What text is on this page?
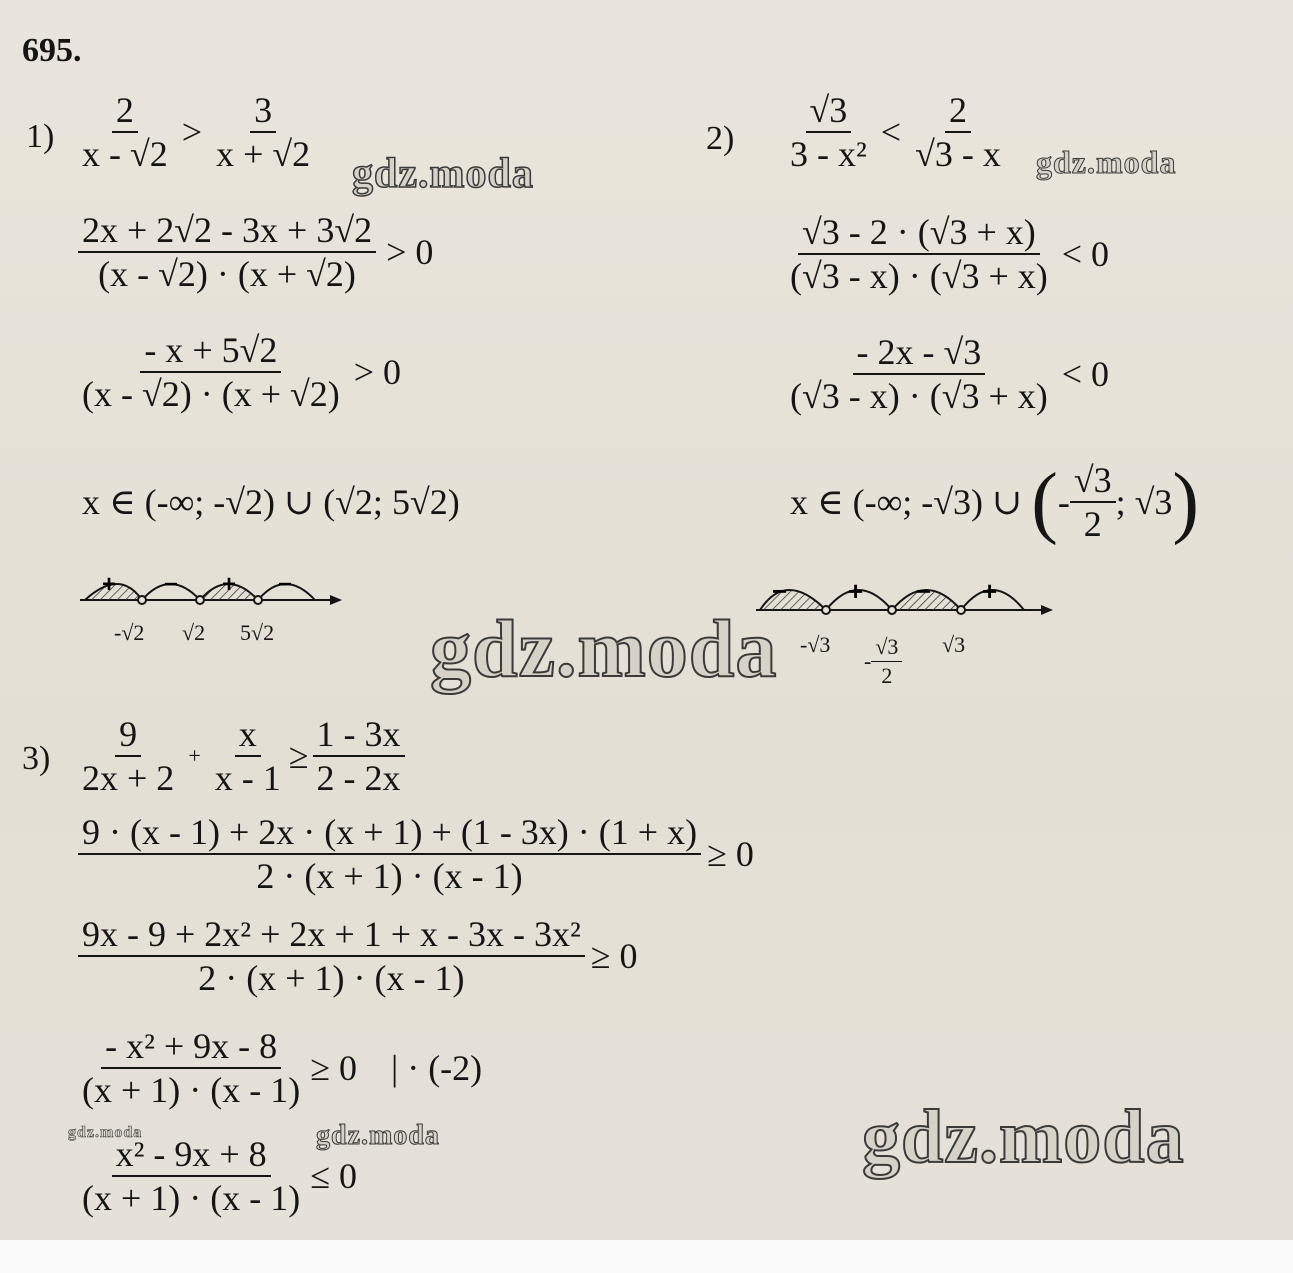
695.
$1) \frac{2}{x - √2} > \frac{3}{x + √2}$
$\frac{2x + 2√2 - 3x + 3√2}{(x - √2) \cdot (x + √2)} > 0$
$\frac{- x + 5√2}{(x - √2) \cdot (x + √2)} > 0$
x ∈ (-∞; -√2) ∪ (√2; 5√2)
+ − + −
-√2 √2 5√2
$2) \frac{√3}{\text{3 - x²}} < \frac{2}{√3 - x}$
$\frac{√3 - 2 \cdot (√3 + x)}{(√3 - x) \cdot (√3 + x)} < 0$
$\frac{- 2x - √3}{(√3 - x) \cdot (√3 + x)} < 0$
x ∈ (-∞; -√3) ∪ (- $\frac{√3}{2}$ ; √3)
− + − +
-√3
- $\frac{√3}{2} √3$
gdz.moda
gdz.moda	gdz.moda
$3) \frac{9}{2x + 2} + \frac{x}{x - 1} \ge \frac{1 - 3x}{2 - 2x}$
$\frac{9 \cdot (x - 1) + 2x \cdot (x + 1) + (1 - 3x) \cdot (1 + x)}{2 \cdot (x + 1) \cdot (x - 1)} \ge 0$
$\frac{\text{9x - 9 + 2x² + 2x + 1 + x - 3x - 3x²}}{2 \cdot (x + 1) \cdot (x - 1)} \ge 0$
$\frac{\text{- x² + 9x - 8}}{(x + 1) \cdot (x - 1)} \ge 0$ | · (-2)
$\frac{\text{x² - 9x + 8}}{(x + 1) \cdot (x - 1)} \le 0$
gdz.moda	gdz.moda	gdz.moda
